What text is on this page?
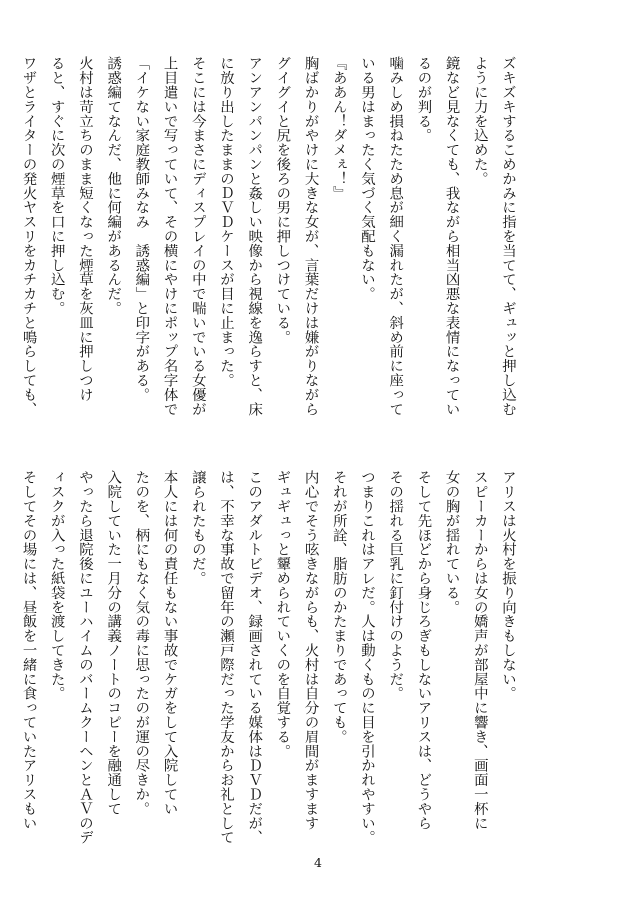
ズキズキするこめかみに指を当てて、ギュッと押し込む
ように力を込めた。
鏡など見なくても、我ながら相当凶悪な表情になってい
るのが判る。
噛みしめ損ねたため息が細く漏れたが、斜め前に座って
いる男はまったく気づく気配もない。
『ああん！ダメぇ！』
胸ばかりがやけに大きな女が、言葉だけは嫌がりながら
グイグイと尻を後ろの男に押しつけている。
アンアンパンパンと姦しい映像から視線を逸らすと、床
に放り出したままのＤＶＤケースが目に止まった。
そこには今まさにディスプレイの中で喘いでいる女優が
上目遣いで写っていて、その横にやけにポップ名字体で
「イケない家庭教師みなみ　誘惑編」と印字がある。
誘惑編てなんだ、他に何編があるんだ。
火村は苛立ちのまま短くなった煙草を灰皿に押しつけ
ると、すぐに次の煙草を口に押し込む。
ワザとライターの発火ヤスリをカチカチと鳴らしても、
アリスは火村を振り向きもしない。
スピーカーからは女の嬌声が部屋中に響き、画面一杯に
女の胸が揺れている。
そして先ほどから身じろぎもしないアリスは、どうやら
その揺れる巨乳に釘付けのようだ。
つまりこれはアレだ。人は動くものに目を引かれやすい。
それが所詮、脂肪のかたまりであっても。
内心でそう呟きながらも、火村は自分の眉間がますます
ギュギュっと顰められていくのを自覚する。
このアダルトビデオ、録画されている媒体はＤＶＤだが、
は、不幸な事故で留年の瀬戸際だった学友からお礼として
譲られたものだ。
本人には何の責任もない事故でケガをして入院してい
たのを、柄にもなく気の毒に思ったのが運の尽きか。
入院していた一月分の講義ノートのコピーを融通して
やったら退院後にユーハイムのバームクーヘンとＡＶのデ
ィスクが入った紙袋を渡してきた。
そしてその場には、昼飯を一緒に食っていたアリスもい
4
